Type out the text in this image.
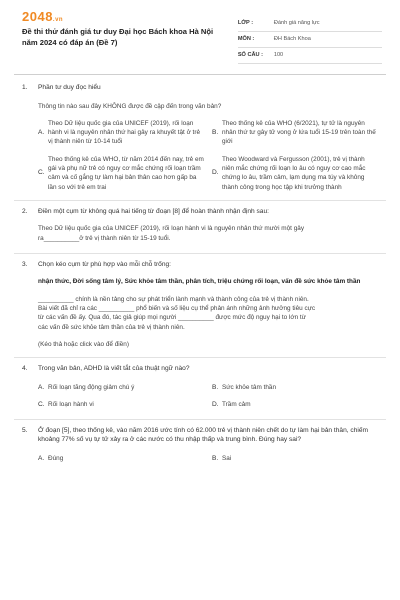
2048.vn
Đề thi thử đánh giá tư duy Đại học Bách khoa Hà Nội năm 2024 có đáp án (Đề 7)
LỚP :	Đánh giá năng lực
MÔN :	ĐH Bách Khoa
SỐ CÂU :	100
1.	Phần tư duy đọc hiểu
Thông tin nào sau đây KHÔNG được đề cập đến trong văn bản?
A.
Theo Dữ liệu quốc gia của UNICEF (2019), rối loạn hành vi là nguyên nhân thứ hai gây ra khuyết tật ở trẻ vị thành niên từ 10-14 tuổi
B.
Theo thống kê của WHO (6/2021), tự tử là nguyên nhân thứ tư gây tử vong ở lứa tuổi 15-19 trên toàn thế giới
C.
Theo thống kê của WHO, từ năm 2014 đến nay, trẻ em gái và phụ nữ trẻ có nguy cơ mắc chứng rối loạn trầm cảm và cố gắng tự làm hại bản thân cao hơn gấp ba lần so với trẻ em trai
D.
Theo Woodward và Fergusson (2001), trẻ vị thành niên mắc chứng rối loạn lo âu có nguy cơ cao mắc chứng lo âu, trầm cảm, lạm dụng ma túy và không thành công trong học tập khi trưởng thành
2.	Điền một cụm từ không quá hai tiếng từ đoạn [8] để hoàn thành nhận định sau:
Theo Dữ liệu quốc gia của UNICEF (2019), rối loạn hành vi là nguyên nhân thứ mười một gây
ra__________ở trẻ vị thành niên từ 15-19 tuổi.
3.	Chọn kéo cụm từ phù hợp vào mỗi chỗ trống:
nhận thức, Đời sống tâm lý, Sức khỏe tâm thần, phân tích, triệu chứng rối loạn, vấn đề sức khỏe tâm thần
__________ chính là nền tảng cho sự phát triển lành mạnh và thành công của trẻ vị thành niên.
Bài viết đã chỉ ra các __________ phổ biến và số liệu cụ thể phản ánh những ảnh hưởng tiêu cực
từ các vấn đề ấy. Qua đó, tác giả giúp mọi người __________ được mức độ nguy hại to lớn từ
các vấn đề sức khỏe tâm thần của trẻ vị thành niên.
(Kéo thả hoặc click vào để điền)
4.	Trong văn bản, ADHD là viết tắt của thuật ngữ nào?
A. Rối loạn tăng động giảm chú ý	B. Sức khỏe tâm thần
C. Rối loạn hành vi	D. Trầm cảm
5.	Ở đoạn [5], theo thống kê, vào năm 2016 ước tính có 62.000 trẻ vị thành niên chết do tự làm hại bản thân, chiếm khoảng 77% số vụ tự tử xảy ra ở các nước có thu nhập thấp và trung bình. Đúng hay sai?
A. Đúng	B. Sai
